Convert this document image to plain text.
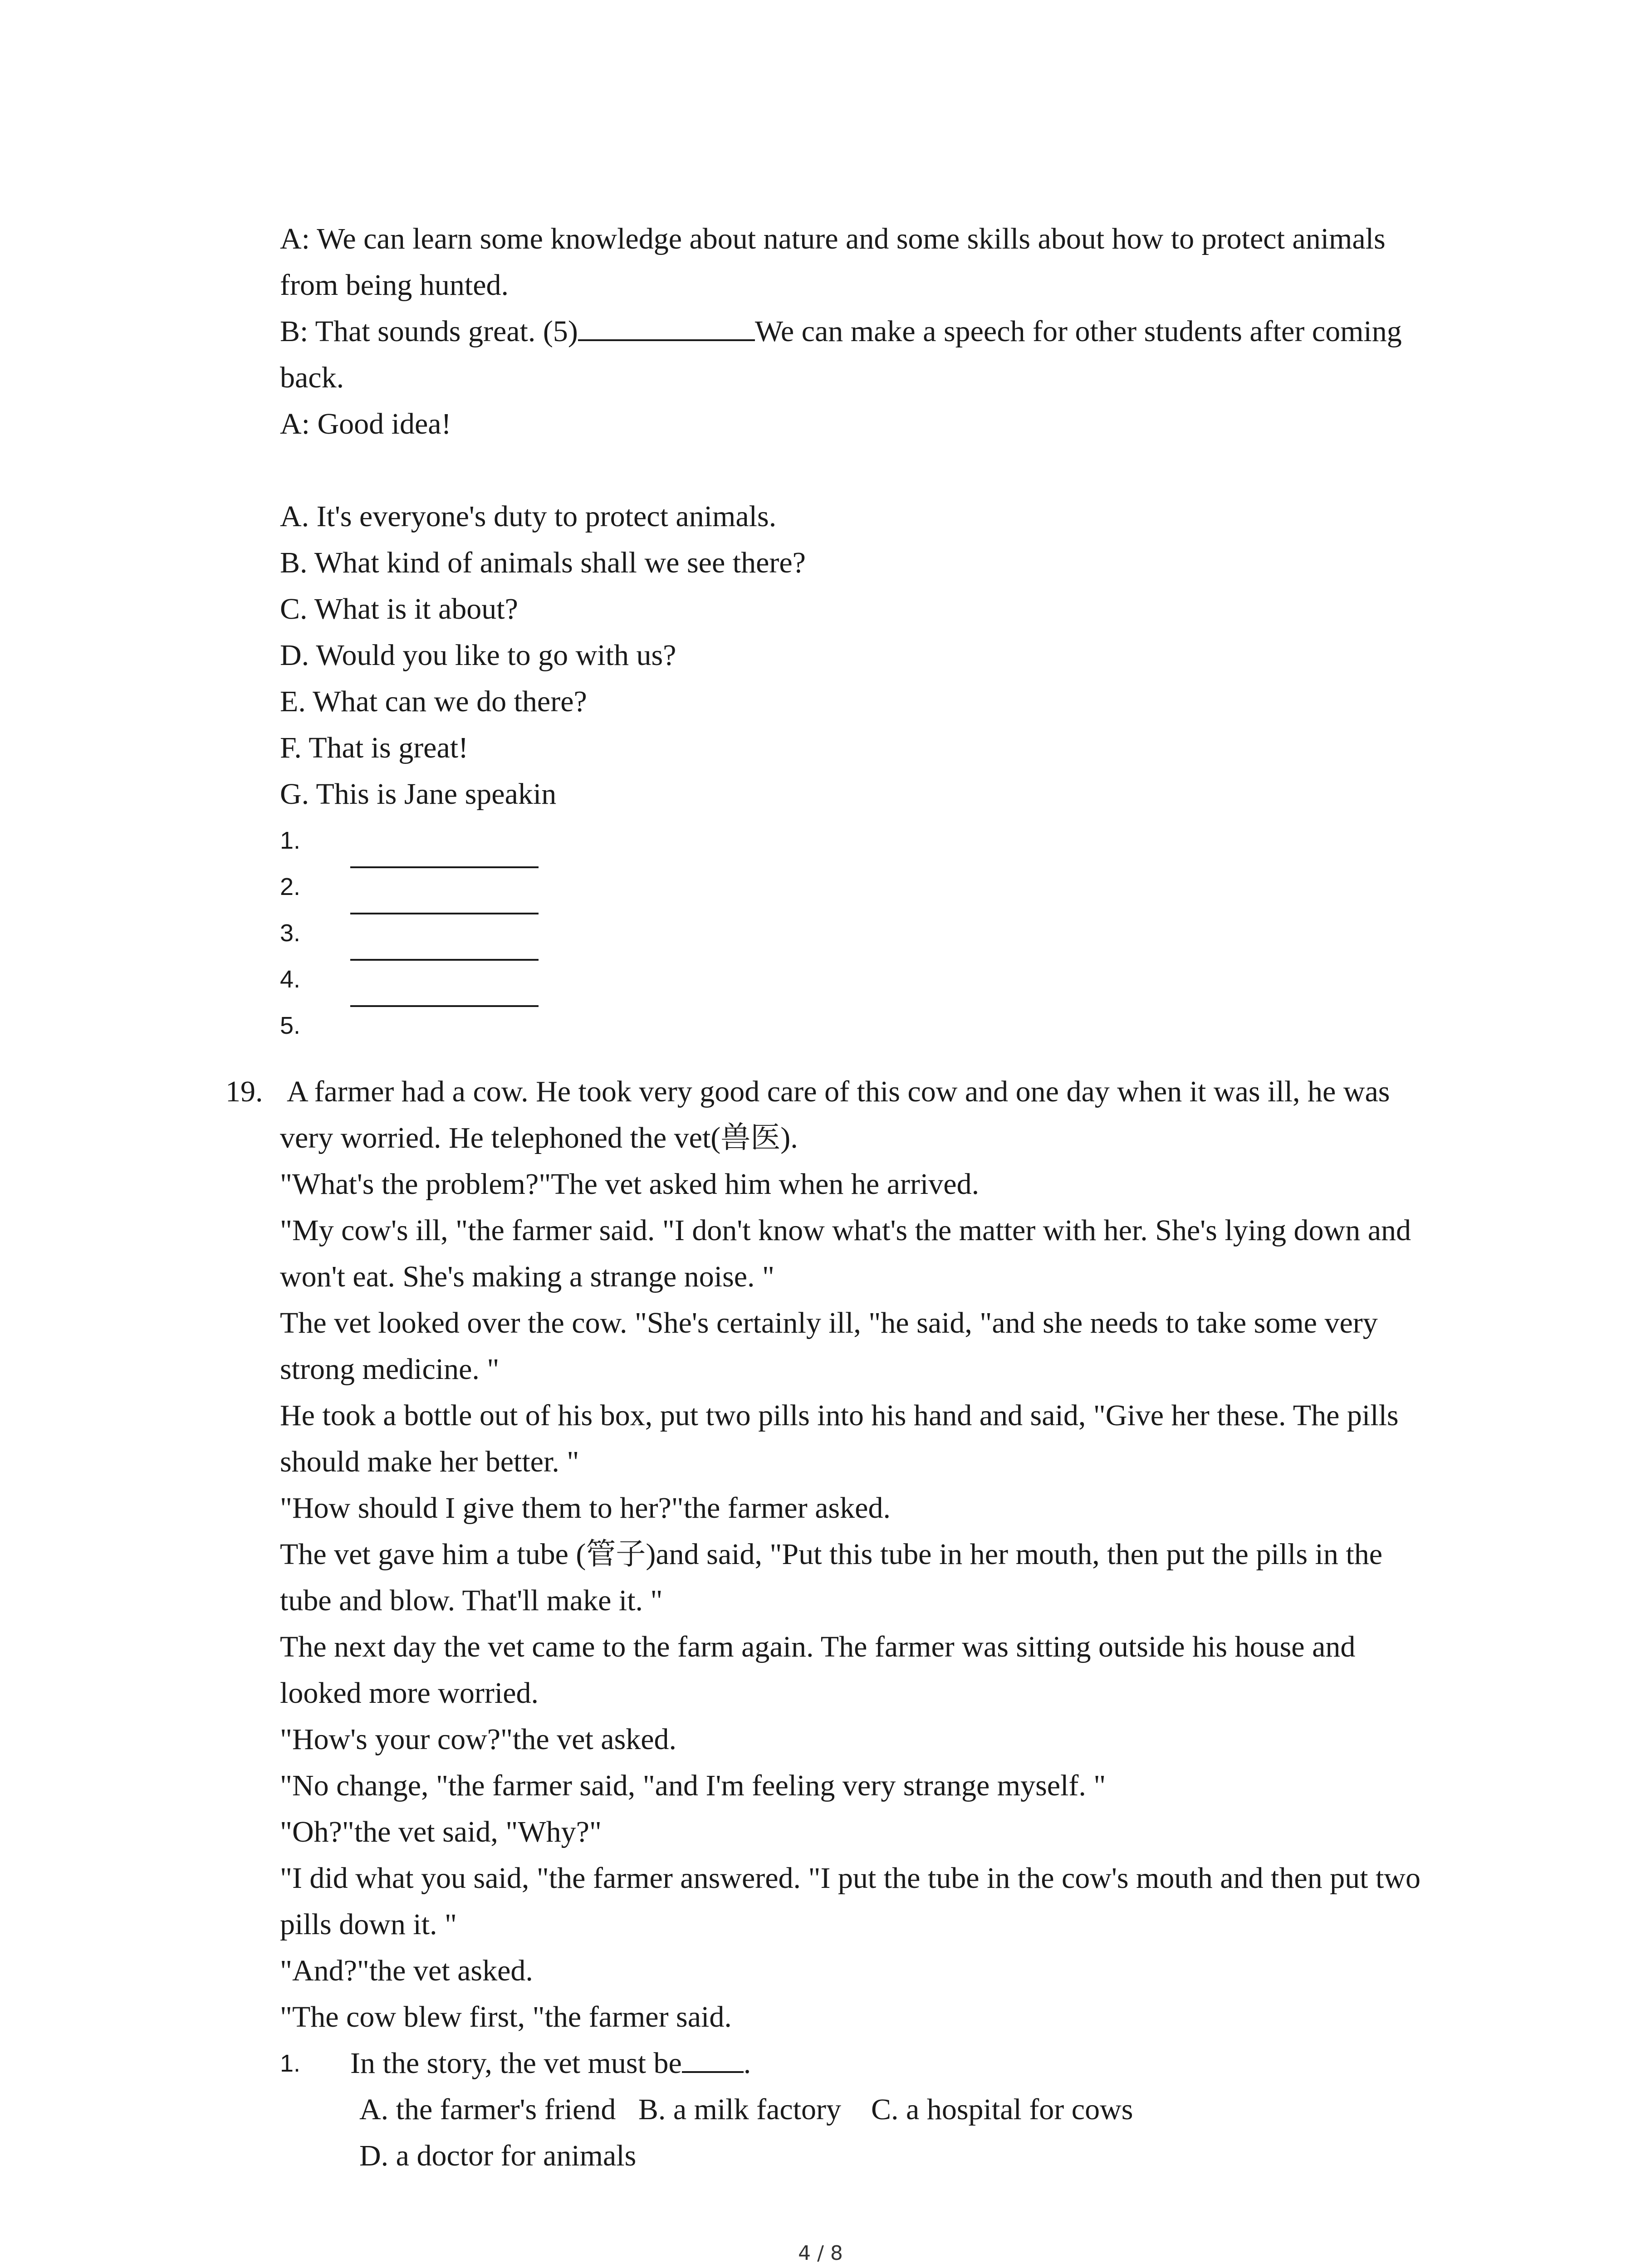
A: We can learn some knowledge about nature and some skills about how to protect animals
from being hunted.
B: That sounds great. (5)	We can make a speech for other students after coming
back.
A: Good idea!
A. It's everyone's duty to protect animals.
B. What kind of animals shall we see there?
C. What is it about?
D. Would you like to go with us?
E. What can we do there?
F. That is great!
G. This is Jane speakin
1.
2.
3.
4.
5.
19. A farmer had a cow. He took very good care of this cow and one day when it was ill, he was
very worried. He telephoned the vet(兽医).
"What's the problem?"The vet asked him when he arrived.
"My cow's ill, "the farmer said. "I don't know what's the matter with her. She's lying down and
won't eat. She's making a strange noise. "
The vet looked over the cow. "She's certainly ill, "he said, "and she needs to take some very
strong medicine. "
He took a bottle out of his box, put two pills into his hand and said, "Give her these. The pills
should make her better. "
"How should I give them to her?"the farmer asked.
The vet gave him a tube (管子)and said, "Put this tube in her mouth, then put the pills in the
tube and blow. That'll make it. "
The next day the vet came to the farm again. The farmer was sitting outside his house and
looked more worried.
"How's your cow?"the vet asked.
"No change, "the farmer said, "and I'm feeling very strange myself. "
"Oh?"the vet said, "Why?"
"I did what you said, "the farmer answered. "I put the tube in the cow's mouth and then put two
pills down it. "
"And?"the vet asked.
"The cow blew first, "the farmer said.
1. In the story, the vet must be .
A. the farmer's friend   B. a milk factory    C. a hospital for cows
D. a doctor for animals
4 / 8
